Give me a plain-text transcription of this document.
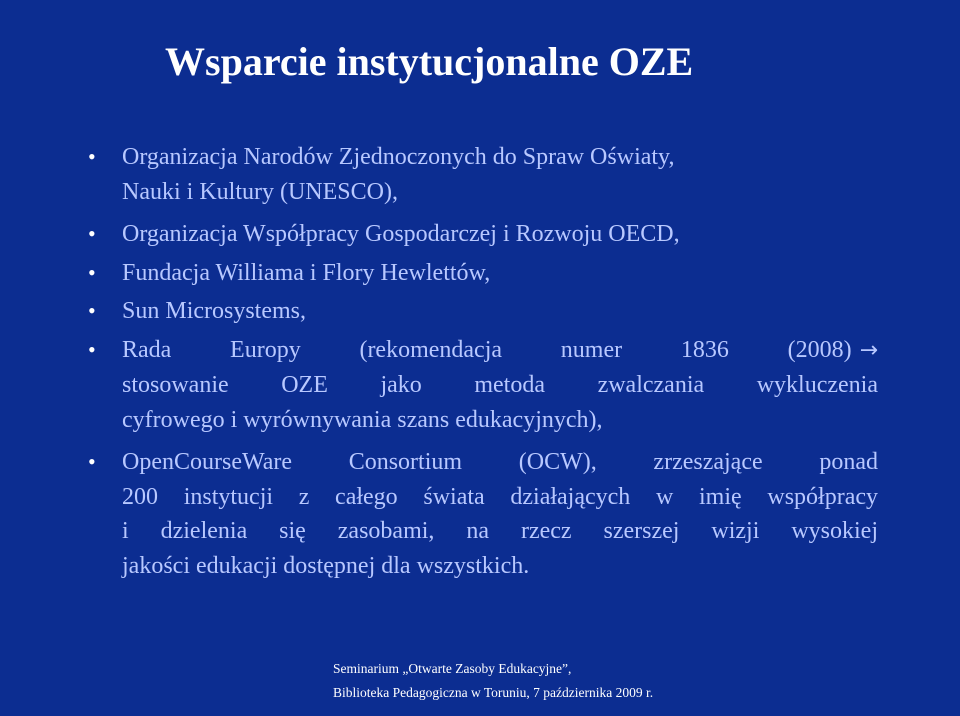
Wsparcie instytucjonalne OZE
• Organizacja Narodów Zjednoczonych do Spraw Oświaty,
Nauki i Kultury (UNESCO),
• Organizacja Współpracy Gospodarczej i Rozwoju OECD,
• Fundacja Williama i Flory Hewlettów,
• Sun Microsystems,
• Rada Europy (rekomendacja numer 1836 (2008) →
stosowanie OZE jako metoda zwalczania wykluczenia
cyfrowego i wyrównywania szans edukacyjnych),
• OpenCourseWare Consortium (OCW), zrzeszające ponad
200 instytucji z całego świata działających w imię współpracy
i dzielenia się zasobami, na rzecz szerszej wizji wysokiej
jakości edukacji dostępnej dla wszystkich.
Seminarium „Otwarte Zasoby Edukacyjne”,
Biblioteka Pedagogiczna w Toruniu, 7 października 2009 r.
